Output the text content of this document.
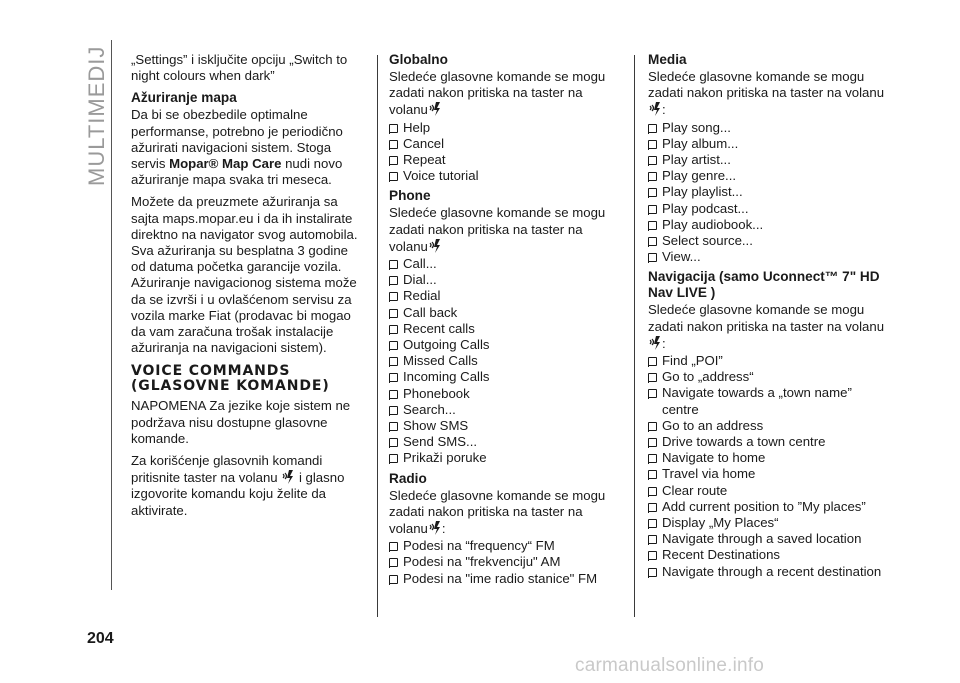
MULTIMEDIJ „Settings” i isključite opciju „Switch to night colours when dark”

Ažuriranje mapa

Da bi se obezbedile optimalne performanse, potrebno je periodično ažurirati navigacioni sistem. Stoga servis Mopar® Map Care nudi novo ažuriranje mapa svaka tri meseca.

Možete da preuzmete ažuriranja sa sajta maps.mopar.eu i da ih instalirate direktno na navigator svog automobila. Sva ažuriranja su besplatna 3 godine od datuma početka garancije vozila. Ažuriranje navigacionog sistema može da se izvrši i u ovlašćenom servisu za vozila marke Fiat (prodavac bi mogao da vam zaračuna trošak instalacije ažuriranja na navigacioni sistem).

VOICE COMMANDS (GLASOVNE KOMANDE)

NAPOMENA Za jezike koje sistem ne podržava nisu dostupne glasovne komande.

Za korišćenje glasovnih komandi pritisnite taster na volanu  i glasno izgovorite komandu koju želite da aktivirate.

Globalno

Sledeće glasovne komande se mogu zadati nakon pritiska na taster na volanu

Help
Cancel
Repeat
Voice tutorial
Phone

Sledeće glasovne komande se mogu zadati nakon pritiska na taster na volanu

Call...
Dial...
Redial
Call back
Recent calls
Outgoing Calls
Missed Calls
Incoming Calls
Phonebook
Search...
Show SMS
Send SMS...
Prikaži poruke
Radio

Sledeće glasovne komande se mogu zadati nakon pritiska na taster na volanu :

Podesi na “frequency“ FM
Podesi na "frekvenciju" AM
Podesi na "ime radio stanice" FM
Media

Sledeće glasovne komande se mogu zadati nakon pritiska na taster na volanu:

Play song...
Play album...
Play artist...
Play genre...
Play playlist...
Play podcast...
Play audiobook...
Select source...
View...
Navigacija (samo Uconnect™ 7" HD Nav LIVE )

Sledeće glasovne komande se mogu zadati nakon pritiska na taster na volanu:

Find „POI”
Go to „address“
Navigate towards a „town name” centre
Go to an address
Drive towards a town centre
Navigate to home
Travel via home
Clear route
Add current position to ”My places”
Display „My Places“
Navigate through a saved location
Recent Destinations
Navigate through a recent destination
204
carmanualsonline.info
